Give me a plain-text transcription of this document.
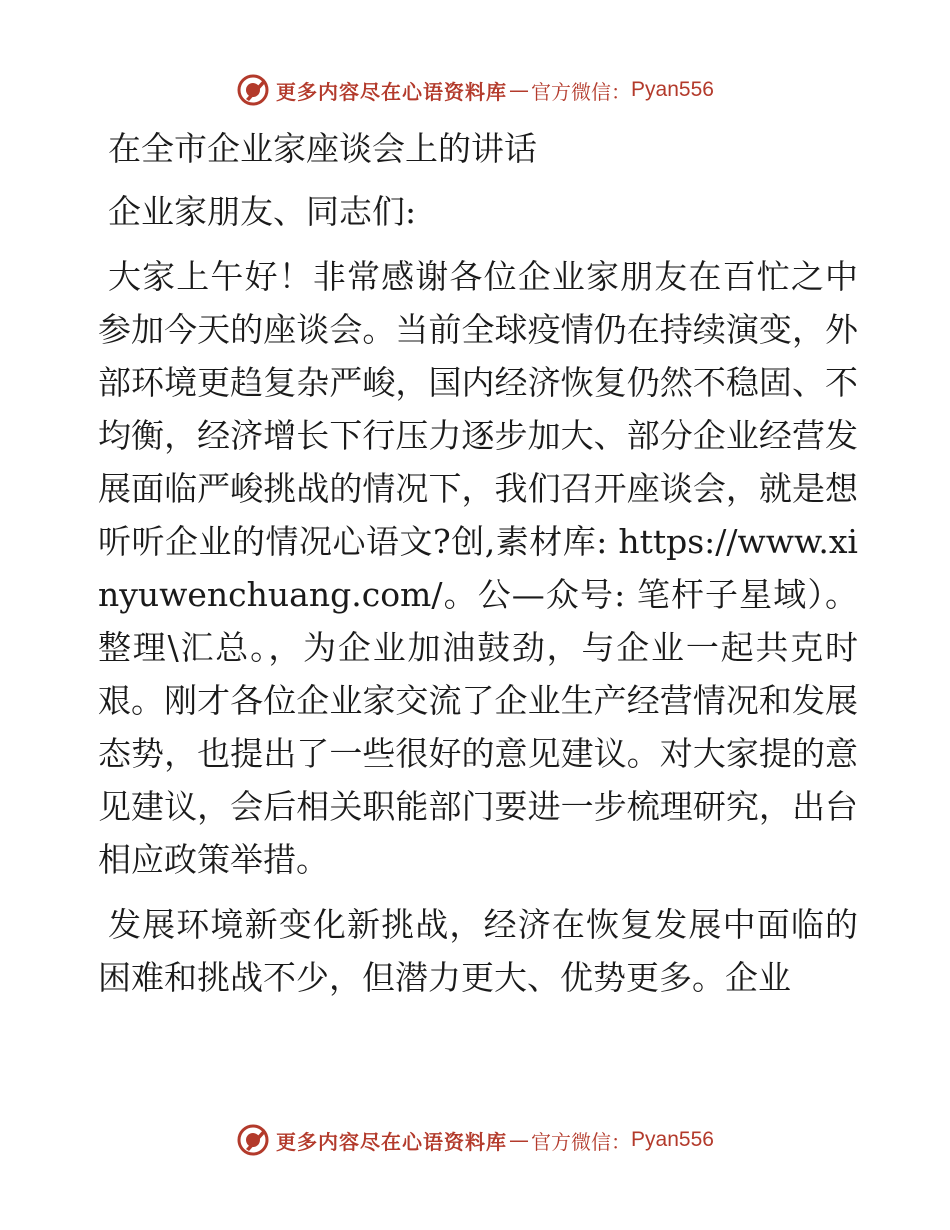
更多内容尽在心语资料库 — 官方微信： Pyan556

在全市企业家座谈会上的讲话

企业家朋友、同志们:

大家上午好！非常感谢各位企业家朋友在百忙之中参加今天的座谈会。当前全球疫情仍在持续演变，外部环境更趋复杂严峻，国内经济恢复仍然不稳固、不均衡，经济增长下行压力逐步加大、部分企业经营发展面临严峻挑战的情况下，我们召开座谈会，就是想听听企业的情况心语文?创,素材库: https://www.xinyuwenchuang.com/。公—众号: 笔杆子星域）。整理\汇总。，为企业加油鼓劲，与企业一起共克时艰。刚才各位企业家交流了企业生产经营情况和发展态势，也提出了一些很好的意见建议。对大家提的意见建议，会后相关职能部门要进一步梳理研究，出台相应政策举措。

发展环境新变化新挑战，经济在恢复发展中面临的困难和挑战不少，但潜力更大、优势更多。企业

更多内容尽在心语资料库 — 官方微信： Pyan556
